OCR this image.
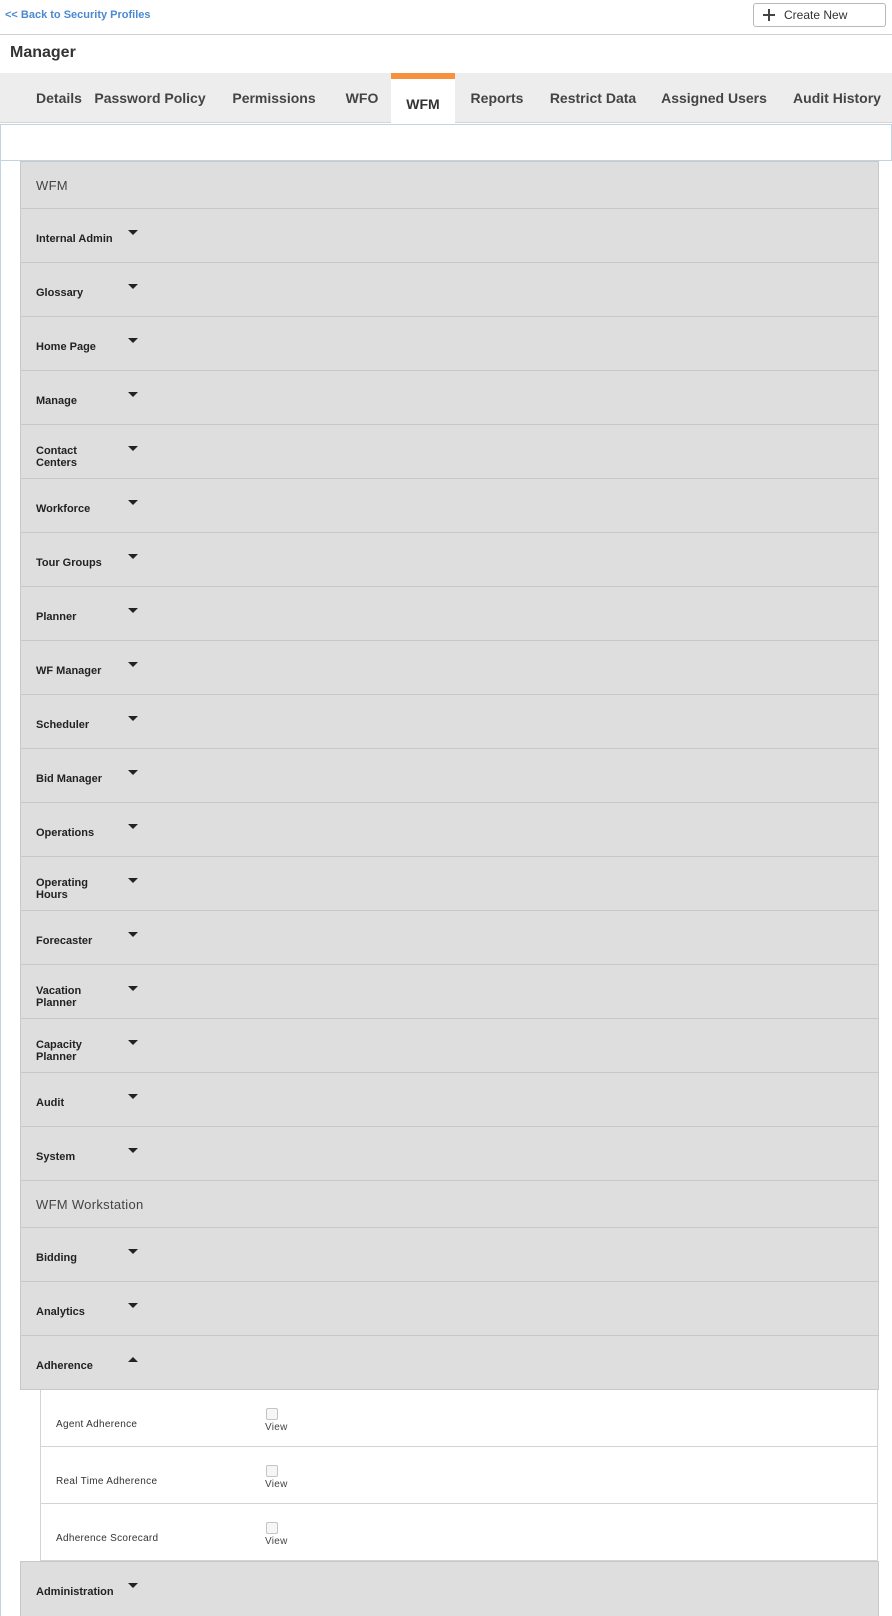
<< Back to Security Profiles	Create New
Manager
Details Password Policy Permissions WFO WFM Reports Restrict Data Assigned Users Audit History
WFM
Internal Admin
Glossary
Home Page
Manage
Contact Centers
Workforce
Tour Groups
Planner
WF Manager
Scheduler
Bid Manager
Operations
Operating Hours
Forecaster
Vacation Planner
Capacity Planner
Audit
System
WFM Workstation
Bidding
Analytics
Adherence
Agent Adherence	View
Real Time Adherence	View
Adherence Scorecard	View
Administration
